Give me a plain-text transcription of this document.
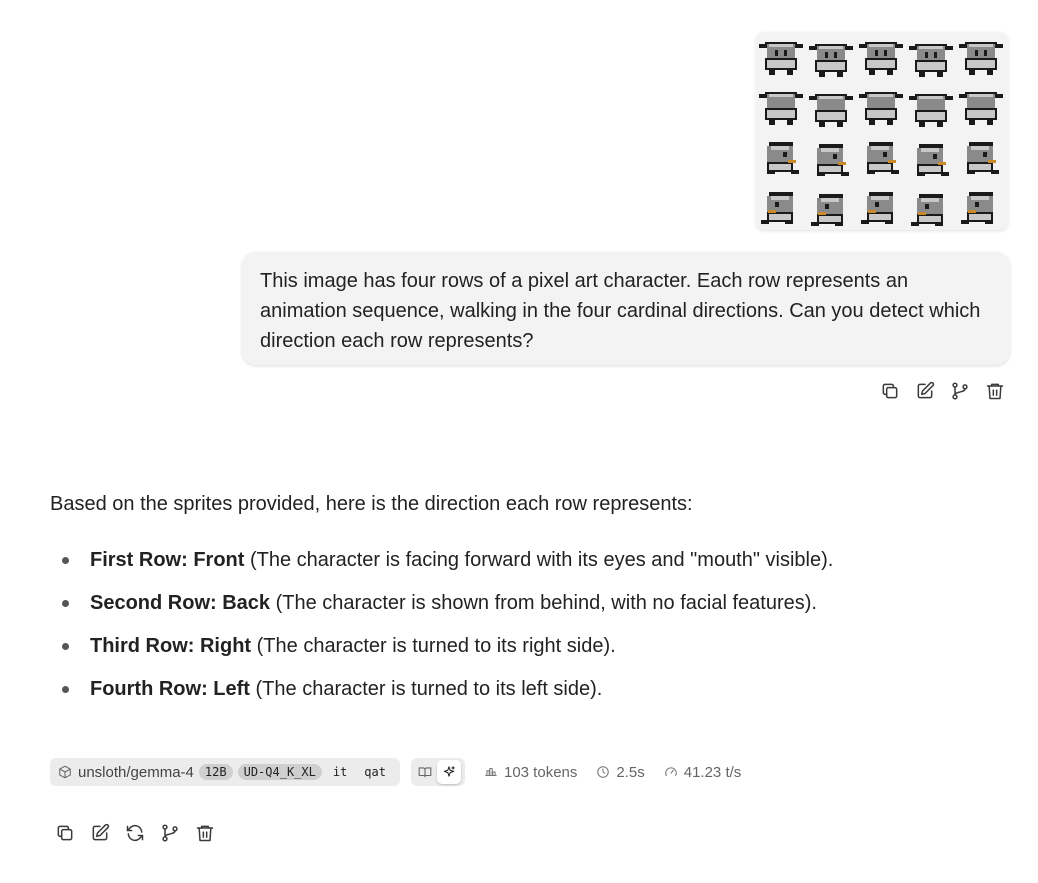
This image has four rows of a pixel art character. Each row represents an animation sequence, walking in the four cardinal directions. Can you detect which direction each row represents?
Based on the sprites provided, here is the direction each row represents:
First Row: Front (The character is facing forward with its eyes and "mouth" visible).
Second Row: Back (The character is shown from behind, with no facial features).
Third Row: Right (The character is turned to its right side).
Fourth Row: Left (The character is turned to its left side).
unsloth/gemma-4 12B	UD-Q4_K_XL	it	qat	103 tokens	2.5s	41.23 t/s
